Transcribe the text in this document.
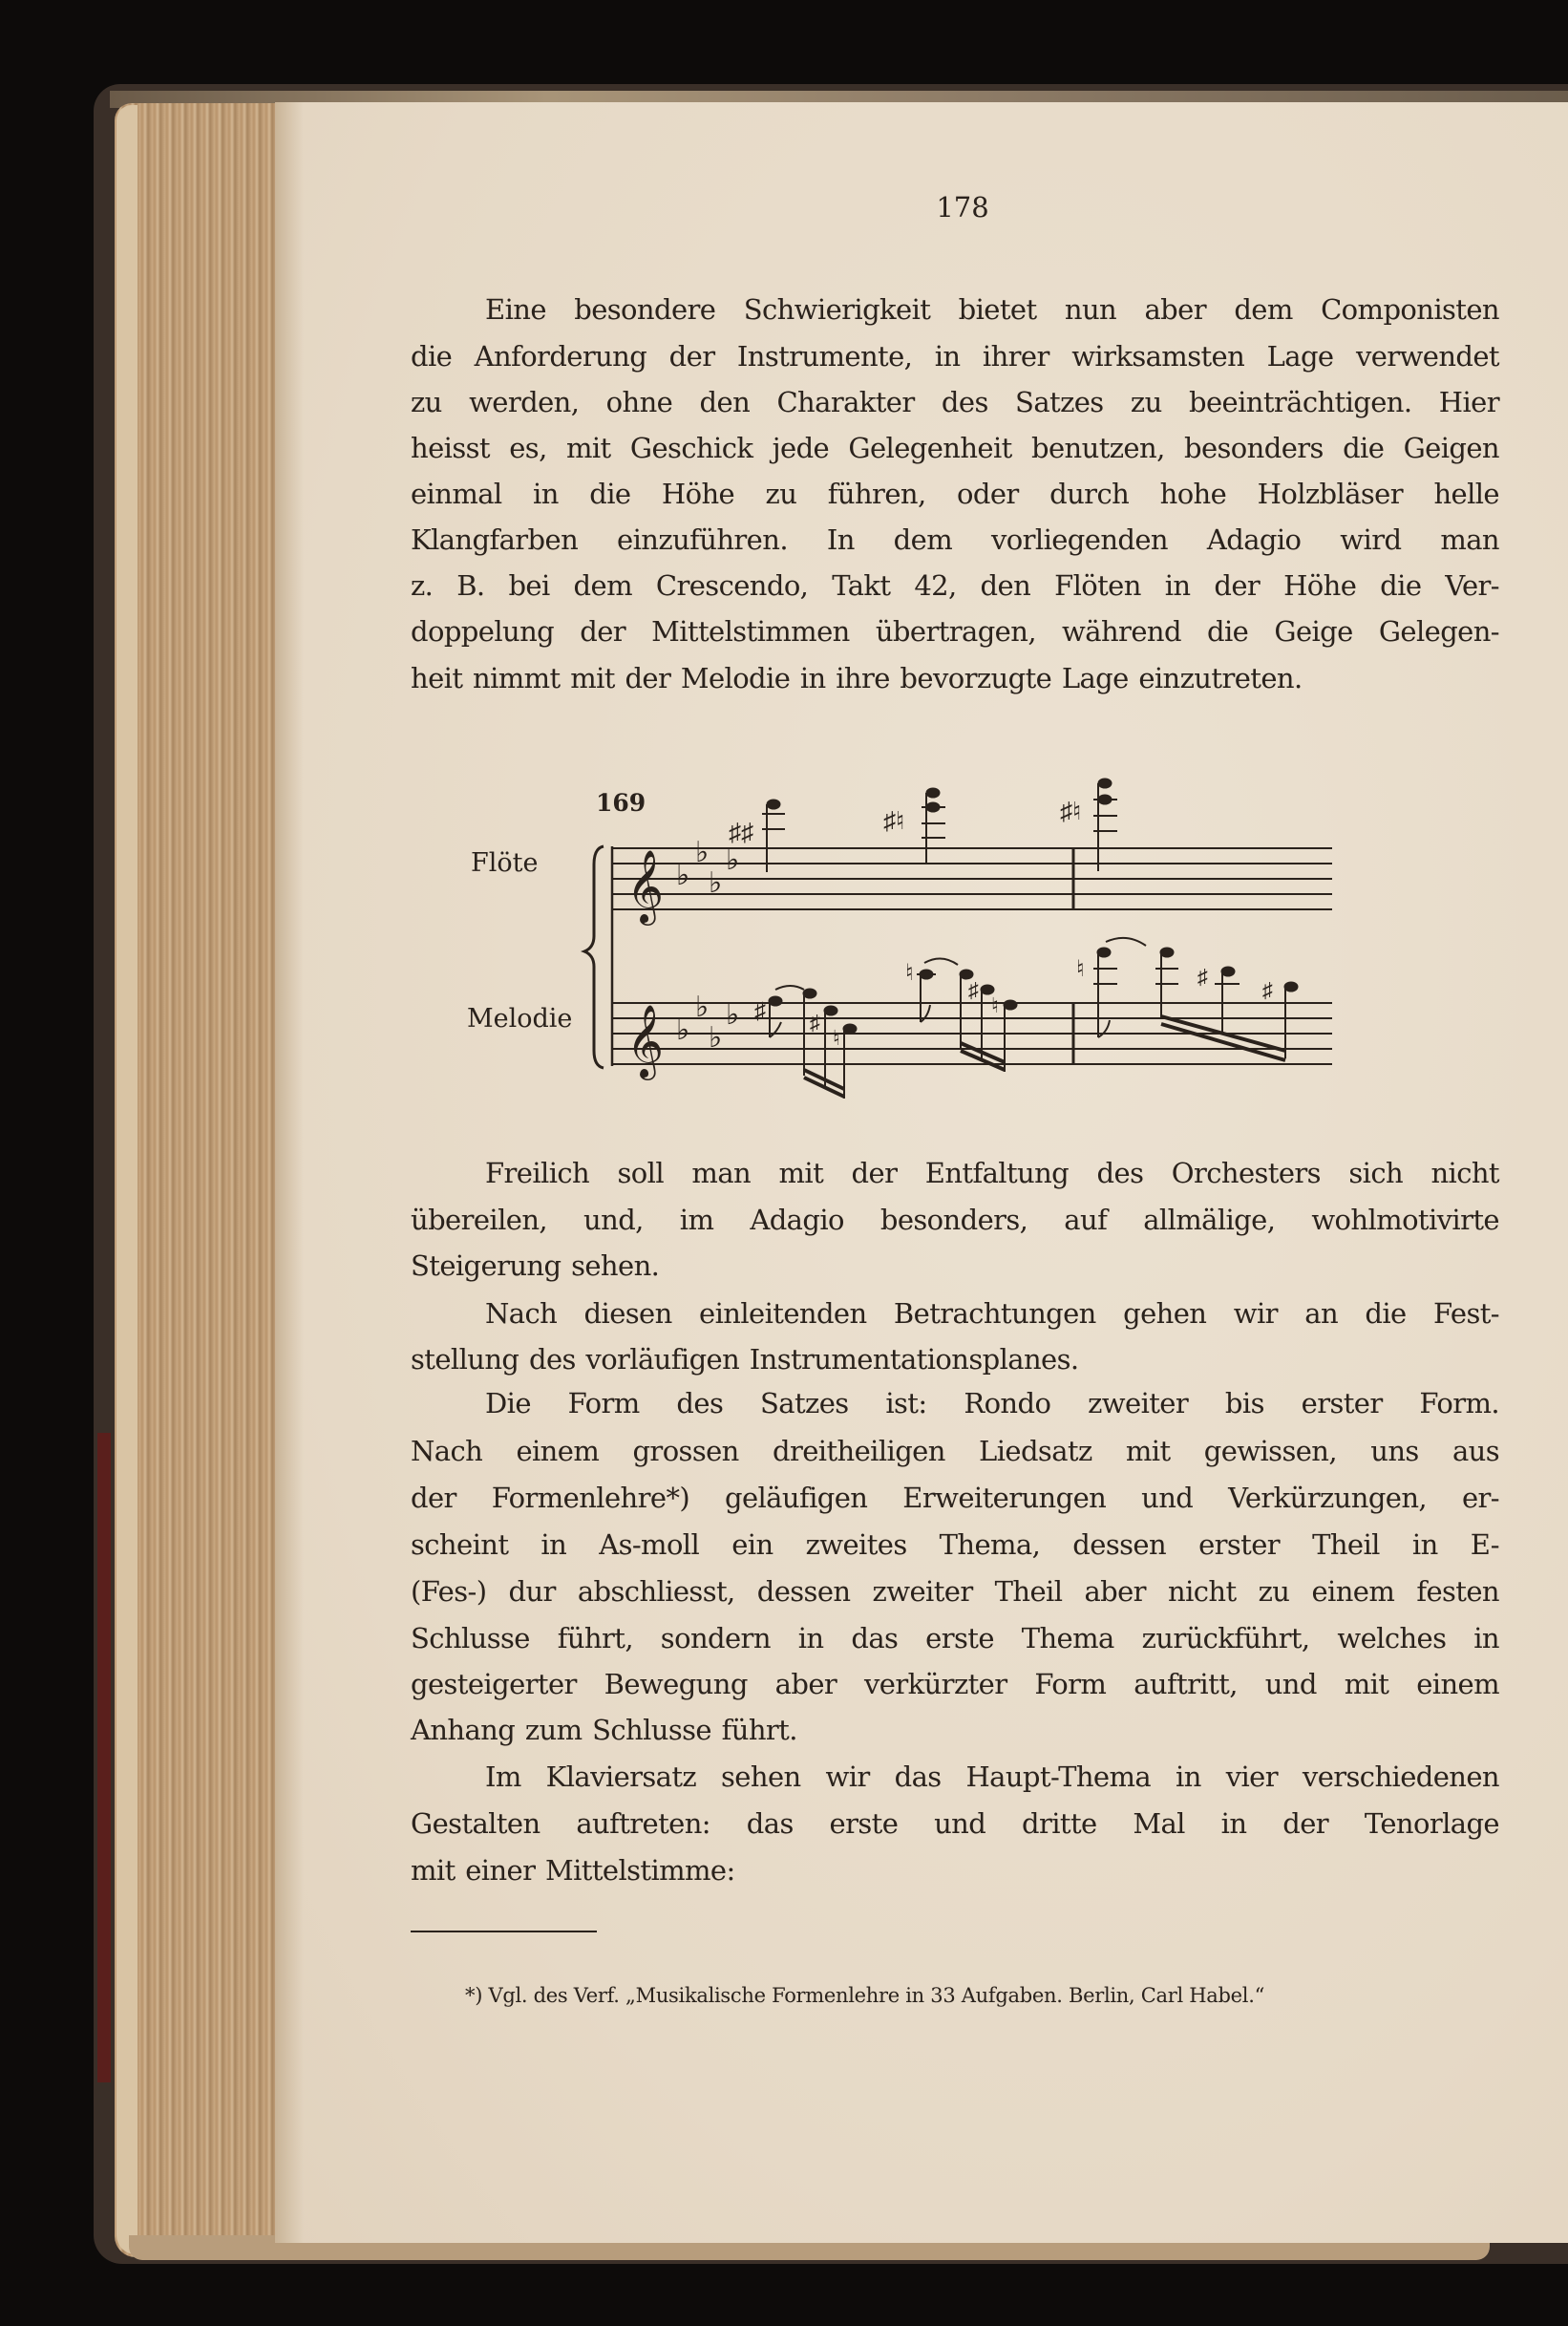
178
Eine besondere Schwierigkeit bietet nun aber dem Componisten
die Anforderung der Instrumente, in ihrer wirksamsten Lage verwendet
zu werden, ohne den Charakter des Satzes zu beeinträchtigen. Hier
heisst es, mit Geschick jede Gelegenheit benutzen, besonders die Geigen
einmal in die Höhe zu führen, oder durch hohe Holzbläser helle
Klangfarben einzuführen. In dem vorliegenden Adagio wird man
z. B. bei dem Crescendo, Takt 42, den Flöten in der Höhe die Ver-
doppelung der Mittelstimmen übertragen, während die Geige Gelegen-
heit nimmt mit der Melodie in ihre bevorzugte Lage einzutreten.
Flöte
Melodie
169
𝄞
𝄞
♭
♭
♭
♭
♭
♭
♭
♭
♯♯	♯♮	♯♮
♯ ♯
♮
♮
♯
♮
♮	♯
♯
Freilich soll man mit der Entfaltung des Orchesters sich nicht
übereilen, und, im Adagio besonders, auf allmälige, wohlmotivirte
Steigerung sehen.
Nach diesen einleitenden Betrachtungen gehen wir an die Fest-
stellung des vorläufigen Instrumentationsplanes.
Die Form des Satzes ist: Rondo zweiter bis erster Form.
Nach einem grossen dreitheiligen Liedsatz mit gewissen, uns aus
der Formenlehre*) geläufigen Erweiterungen und Verkürzungen, er-
scheint in As-moll ein zweites Thema, dessen erster Theil in E-
(Fes-) dur abschliesst, dessen zweiter Theil aber nicht zu einem festen
Schlusse führt, sondern in das erste Thema zurückführt, welches in
gesteigerter Bewegung aber verkürzter Form auftritt, und mit einem
Anhang zum Schlusse führt.
Im Klaviersatz sehen wir das Haupt-Thema in vier verschiedenen
Gestalten auftreten: das erste und dritte Mal in der Tenorlage
mit einer Mittelstimme:
*) Vgl. des Verf. „Musikalische Formenlehre in 33 Aufgaben. Berlin, Carl Habel.“
